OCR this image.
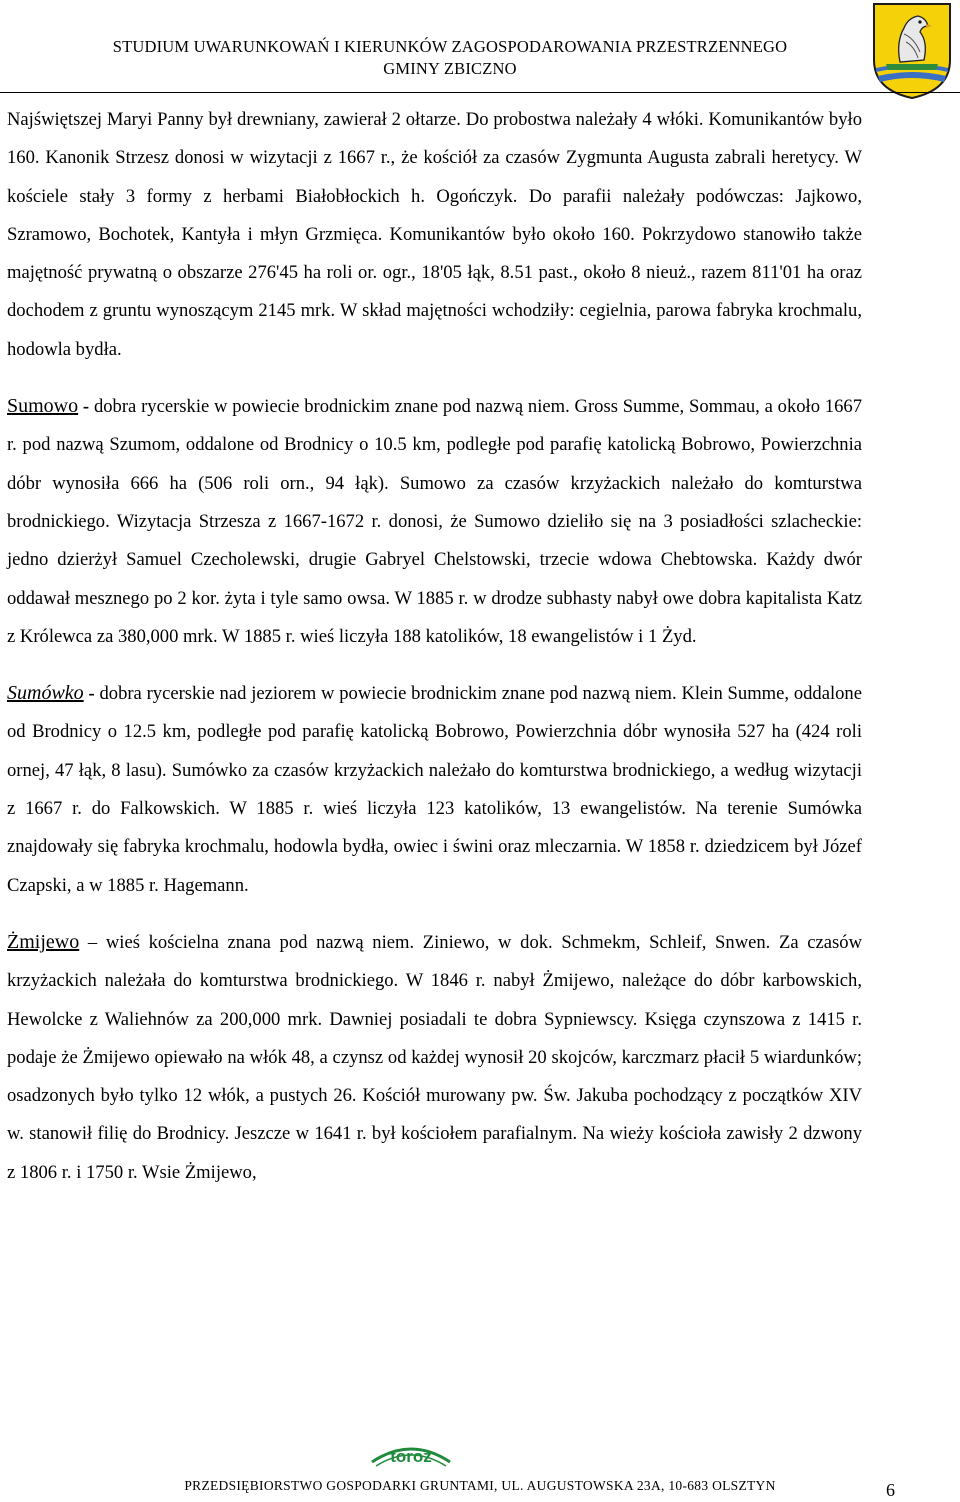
STUDIUM UWARUNKOWAŃ I KIERUNKÓW ZAGOSPODAROWANIA PRZESTRZENNEGO
GMINY ZBICZNO

Najświętszej Maryi Panny był drewniany, zawierał 2 ołtarze. Do probostwa należały 4 włóki. Komunikantów było 160. Kanonik Strzesz donosi w wizytacji z 1667 r., że kościół za czasów Zygmunta Augusta zabrali heretycy. W kościele stały 3 formy z herbami Białobłockich h. Ogończyk. Do parafii należały podówczas: Jajkowo, Szramowo, Bochotek, Kantyła i młyn Grzmięca. Komunikantów było około 160. Pokrzydowo stanowiło także majętność prywatną o obszarze 276'45 ha roli or. ogr., 18'05 łąk, 8.51 past., około 8 nieuż., razem 811'01 ha oraz dochodem z gruntu wynoszącym 2145 mrk. W skład majętności wchodziły: cegielnia, parowa fabryka krochmalu, hodowla bydła.

Sumowo - dobra rycerskie w powiecie brodnickim znane pod nazwą niem. Gross Summe, Sommau, a około 1667 r. pod nazwą Szumom, oddalone od Brodnicy o 10.5 km, podległe pod parafię katolicką Bobrowo, Powierzchnia dóbr wynosiła 666 ha (506 roli orn., 94 łąk). Sumowo za czasów krzyżackich należało do komturstwa brodnickiego. Wizytacja Strzesza z 1667-1672 r. donosi, że Sumowo dzieliło się na 3 posiadłości szlacheckie: jedno dzierżył Samuel Czecholewski, drugie Gabryel Chelstowski, trzecie wdowa Chebtowska. Każdy dwór oddawał mesznego po 2 kor. żyta i tyle samo owsa. W 1885 r. w drodze subhasty nabył owe dobra kapitalista Katz z Królewca za 380,000 mrk. W 1885 r. wieś liczyła 188 katolików, 18 ewangelistów i 1 Żyd.

Sumówko - dobra rycerskie nad jeziorem w powiecie brodnickim znane pod nazwą niem. Klein Summe, oddalone od Brodnicy o 12.5 km, podległe pod parafię katolicką Bobrowo, Powierzchnia dóbr wynosiła 527 ha (424 roli ornej, 47 łąk, 8 lasu). Sumówko za czasów krzyżackich należało do komturstwa brodnickiego, a według wizytacji z 1667 r. do Falkowskich. W 1885 r. wieś liczyła 123 katolików, 13 ewangelistów. Na terenie Sumówka znajdowały się fabryka krochmalu, hodowla bydła, owiec i świni oraz mleczarnia. W 1858 r. dziedzicem był Józef Czapski, a w 1885 r. Hagemann.

Żmijewo – wieś kościelna znana pod nazwą niem. Ziniewo, w dok. Schmekm, Schleif, Snwen. Za czasów krzyżackich należała do komturstwa brodnickiego. W 1846 r. nabył Żmijewo, należące do dóbr karbowskich, Hewolcke z Waliehnów za 200,000 mrk. Dawniej posiadali te dobra Sypniewscy. Księga czynszowa z 1415 r. podaje że Żmijewo opiewało na włók 48, a czynsz od każdej wynosił 20 skojców, karczmarz płacił 5 wiardunków; osadzonych było tylko 12 włók, a pustych 26. Kościół murowany pw. Św. Jakuba pochodzący z początków XIV w. stanowił filię do Brodnicy. Jeszcze w 1641 r. był kościołem parafialnym. Na wieży kościoła zawisły 2 dzwony z 1806 r. i 1750 r. Wsie Żmijewo,

toroz
PRZEDSIĘBIORSTWO GOSPODARKI GRUNTAMI, UL. AUGUSTOWSKA 23A, 10-683 OLSZTYN	6
